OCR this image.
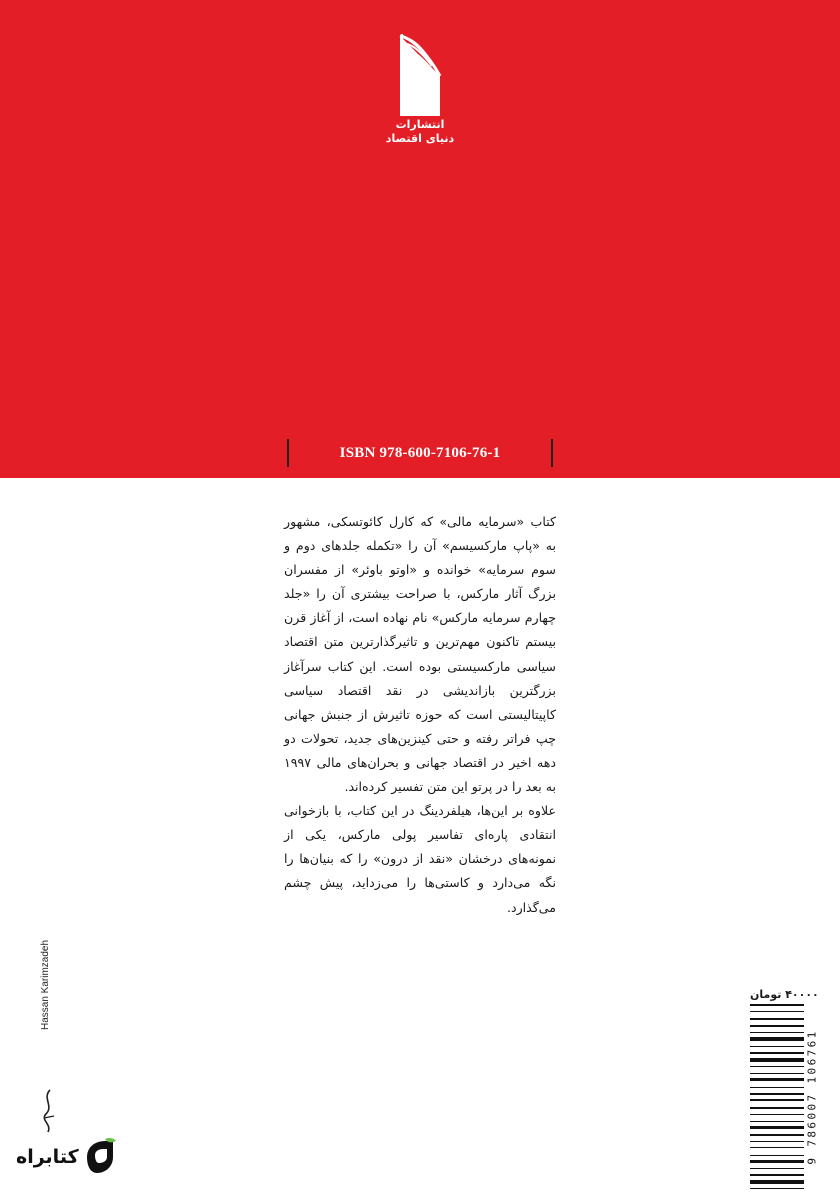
انتشارات
دنیای اقتصاد
ISBN 978-600-7106-76-1

کتاب «سرمایه مالی» که کارل کائوتسکی، مشهور به «پاپ مارکسیسم» آن را «تکمله جلدهای دوم و سوم سرمایه» خوانده و «اوتو باوئر» از مفسران بزرگ آثار مارکس، با صراحت بیشتری آن را «جلد چهارم سرمایه مارکس» نام نهاده است، از آغاز قرن بیستم تاکنون مهم‌ترین و تاثیرگذارترین متن اقتصاد سیاسی مارکسیستی بوده است. این کتاب سرآغاز بزرگترین بازاندیشی در نقد اقتصاد سیاسی کاپیتالیستی است که حوزه تاثیرش از جنبش جهانی چپ فراتر رفته و حتی کینزین‌های جدید، تحولات دو دهه اخیر در اقتصاد جهانی و بحران‌های مالی ۱۹۹۷ به بعد را در پرتو این متن تفسیر کرده‌اند.

علاوه بر این‌ها، هیلفردینگ در این کتاب، با بازخوانی انتقادی پاره‌ای تفاسیر پولی مارکس، یکی از نمونه‌های درخشان «نقد از درون» را که بنیان‌ها را نگه می‌دارد و کاستی‌ها را می‌زداید، پیش چشم می‌گذارد.

۴۰۰۰۰ تومان
9 786007 106761
Hassan Karimzadeh
کتابراه
